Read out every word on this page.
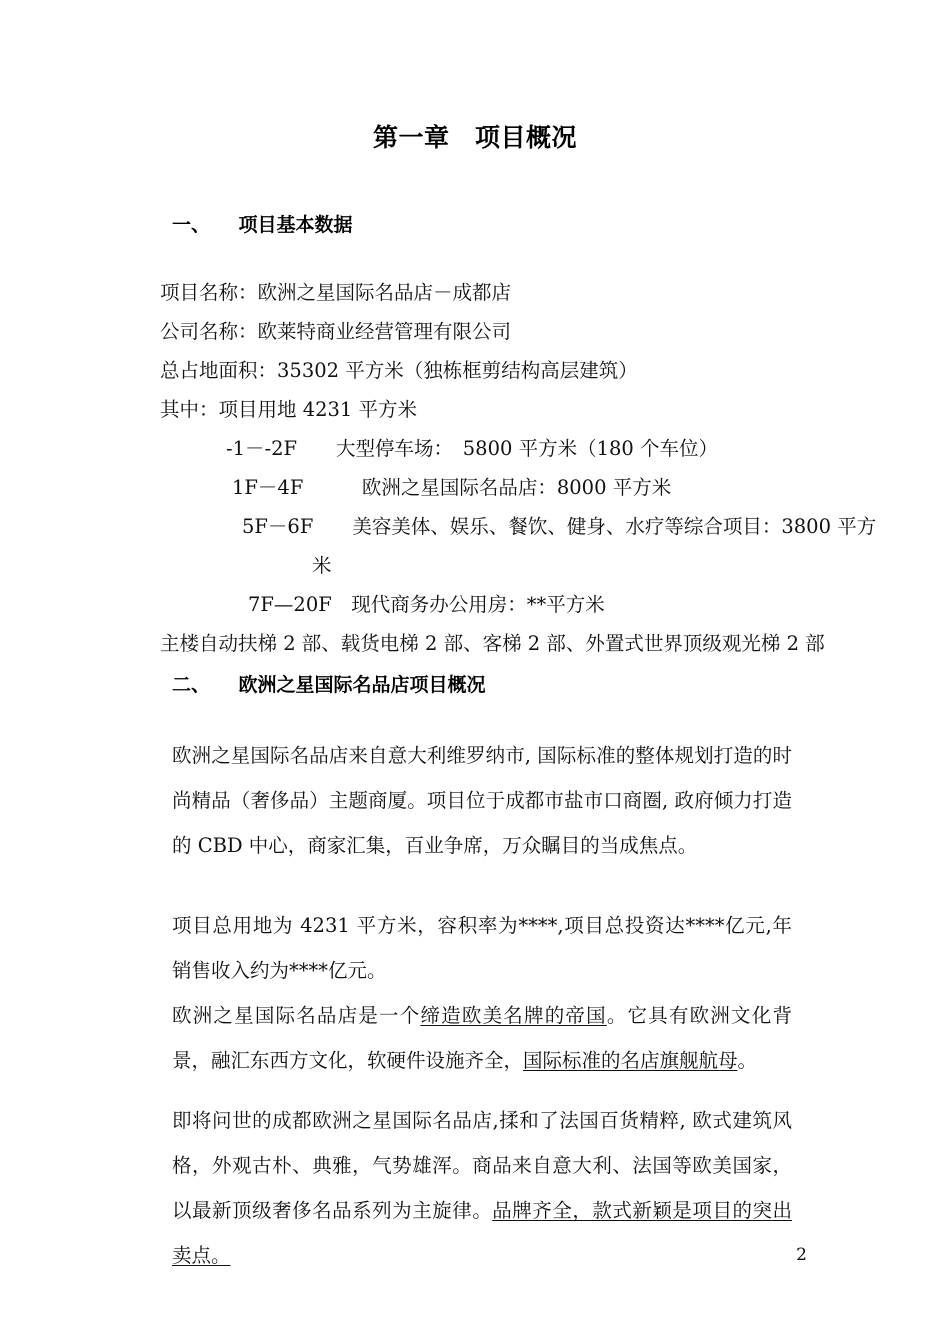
第一章　项目概况
一、　　项目基本数据
项目名称：欧洲之星国际名品店－成都店
公司名称：欧莱特商业经营管理有限公司
总占地面积：35302 平方米（独栋框剪结构高层建筑）
其中：项目用地 4231 平方米
-1－-2F　　大型停车场：　5800 平方米（180 个车位）
1F－4F　　　欧洲之星国际名品店：8000 平方米
5F－6F　　美容美体、娱乐、餐饮、健身、水疗等综合项目：3800 平方
米
7F—20F　现代商务办公用房：**平方米
主楼自动扶梯 2 部、载货电梯 2 部、客梯 2 部、外置式世界顶级观光梯 2 部
二、　　欧洲之星国际名品店项目概况
欧洲之星国际名品店来自意大利维罗纳市, 国际标准的整体规划打造的时尚精品（奢侈品）主题商厦。项目位于成都市盐市口商圈, 政府倾力打造的 CBD 中心，商家汇集，百业争席，万众瞩目的当成焦点。
项目总用地为 4231 平方米，容积率为****,项目总投资达****亿元,年销售收入约为****亿元。
欧洲之星国际名品店是一个缔造欧美名牌的帝国。它具有欧洲文化背景，融汇东西方文化，软硬件设施齐全，国际标准的名店旗舰航母。
即将问世的成都欧洲之星国际名品店,揉和了法国百货精粹, 欧式建筑风格，外观古朴、典雅，气势雄浑。商品来自意大利、法国等欧美国家，以最新顶级奢侈名品系列为主旋律。品牌齐全，款式新颖是项目的突出卖点。	2
